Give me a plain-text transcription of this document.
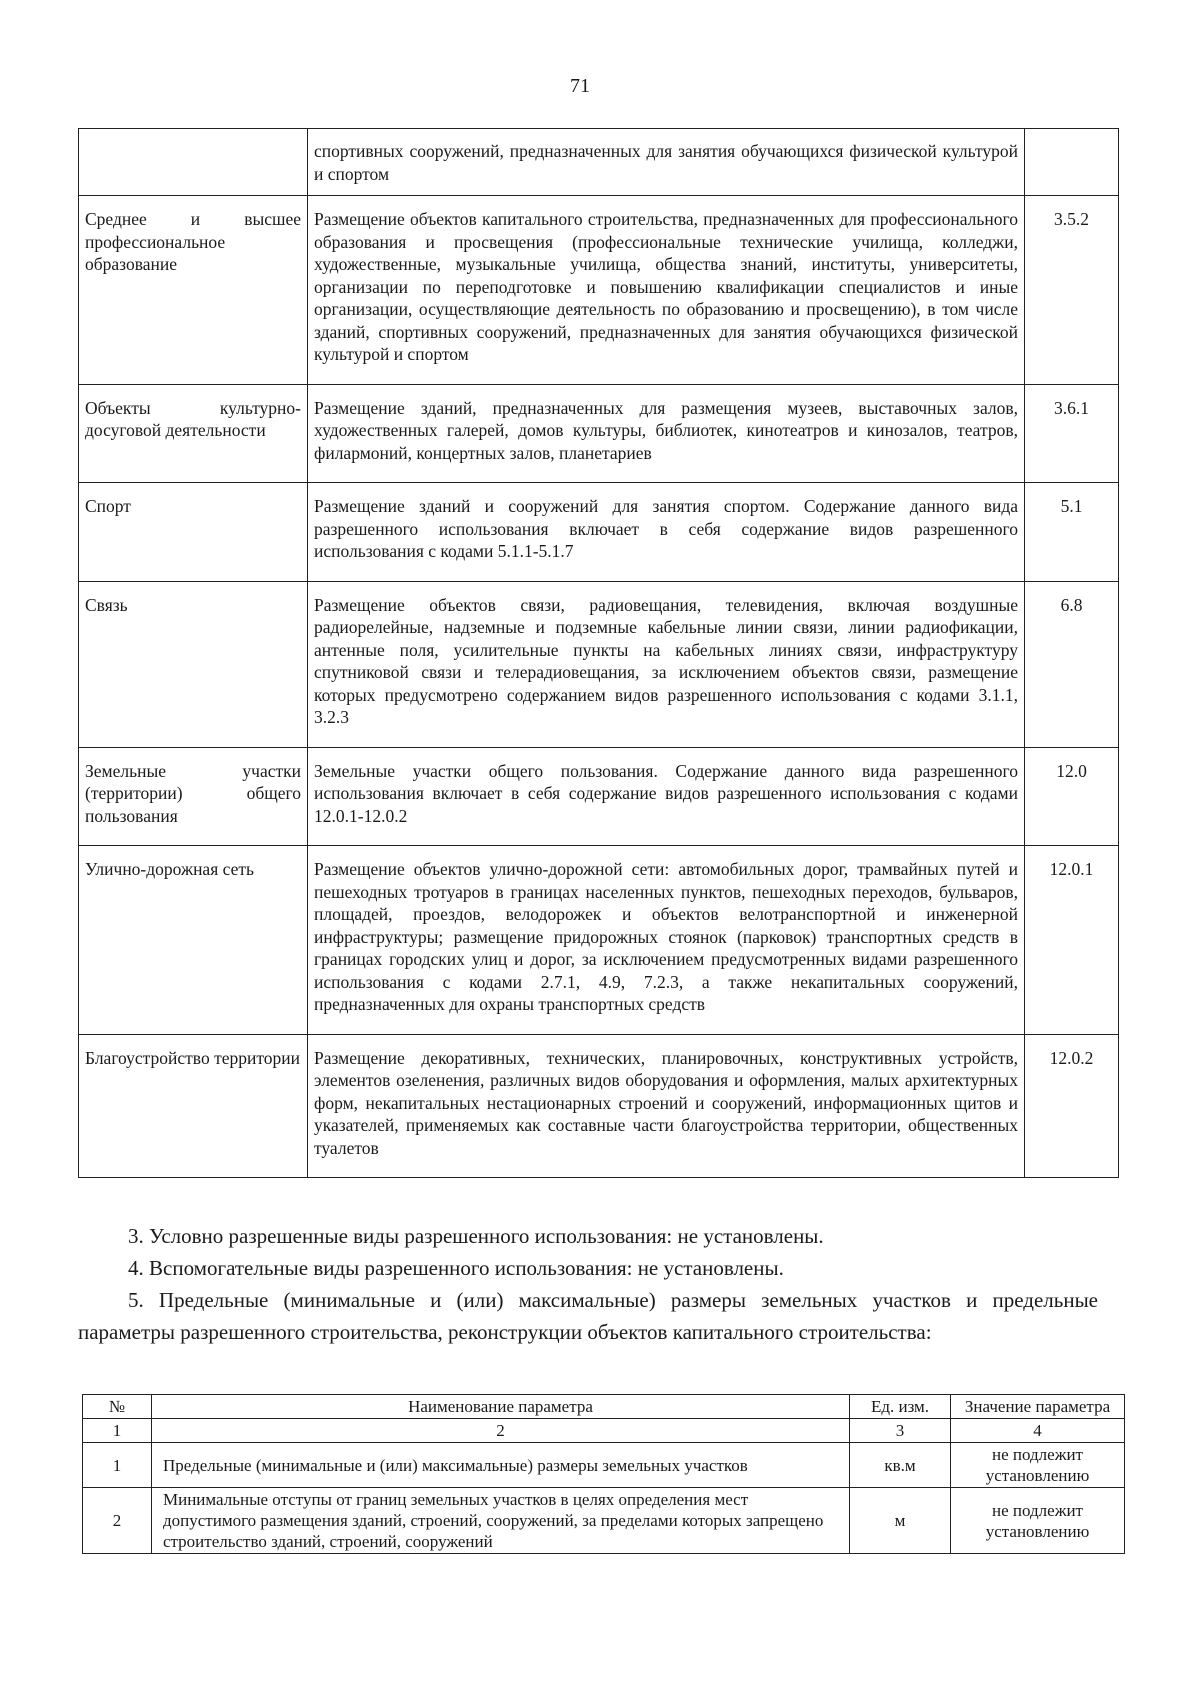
71
	спортивных сооружений, предназначенных для занятия обучающихся физической культурой и спортом	
Среднее и высшее профессиональное образование	Размещение объектов капитального строительства, предназначенных для профессионального образования и просвещения (профессиональные технические училища, колледжи, художественные, музыкальные училища, общества знаний, институты, университеты, организации по переподготовке и повышению квалификации специалистов и иные организации, осуществляющие деятельность по образованию и просвещению), в том числе зданий, спортивных сооружений, предназначенных для занятия обучающихся физической культурой и спортом	3.5.2
Объекты культурно-досуговой деятельности	Размещение зданий, предназначенных для размещения музеев, выставочных залов, художественных галерей, домов культуры, библиотек, кинотеатров и кинозалов, театров, филармоний, концертных залов, планетариев	3.6.1
Спорт	Размещение зданий и сооружений для занятия спортом. Содержание данного вида разрешенного использования включает в себя содержание видов разрешенного использования с кодами 5.1.1-5.1.7	5.1
Связь	Размещение объектов связи, радиовещания, телевидения, включая воздушные радиорелейные, надземные и подземные кабельные линии связи, линии радиофикации, антенные поля, усилительные пункты на кабельных линиях связи, инфраструктуру спутниковой связи и телерадиовещания, за исключением объектов связи, размещение которых предусмотрено содержанием видов разрешенного использования с кодами 3.1.1, 3.2.3	6.8
Земельные участки (территории) общего пользования	Земельные участки общего пользования. Содержание данного вида разрешенного использования включает в себя содержание видов разрешенного использования с кодами 12.0.1-12.0.2	12.0
Улично-дорожная сеть	Размещение объектов улично-дорожной сети: автомобильных дорог, трамвайных путей и пешеходных тротуаров в границах населенных пунктов, пешеходных переходов, бульваров, площадей, проездов, велодорожек и объектов велотранспортной и инженерной инфраструктуры; размещение придорожных стоянок (парковок) транспортных средств в границах городских улиц и дорог, за исключением предусмотренных видами разрешенного использования с кодами 2.7.1, 4.9, 7.2.3, а также некапитальных сооружений, предназначенных для охраны транспортных средств	12.0.1
Благоустройство территории	Размещение декоративных, технических, планировочных, конструктивных устройств, элементов озеленения, различных видов оборудования и оформления, малых архитектурных форм, некапитальных нестационарных строений и сооружений, информационных щитов и указателей, применяемых как составные части благоустройства территории, общественных туалетов	12.0.2

3. Условно разрешенные виды разрешенного использования: не установлены.

4. Вспомогательные виды разрешенного использования: не установлены.

5. Предельные (минимальные и (или) максимальные) размеры земельных участков и предельные параметры разрешенного строительства, реконструкции объектов капитального строительства:

№	Наименование параметра	Ед. изм.	Значение параметра
1	2	3	4
1	Предельные (минимальные и (или) максимальные) размеры земельных участков	кв.м	не подлежит установлению
2	Минимальные отступы от границ земельных участков в целях определения мест допустимого размещения зданий, строений, сооружений, за пределами которых запрещено строительство зданий, строений, сооружений	м	не подлежит установлению
